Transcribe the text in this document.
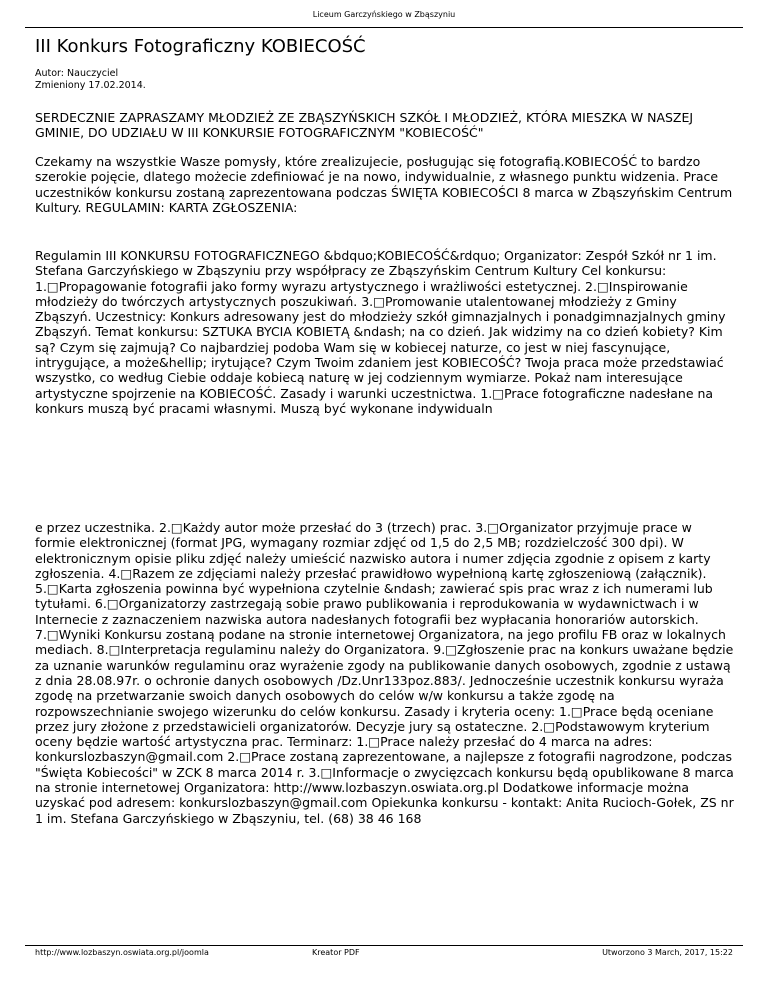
Liceum Garczyńskiego w Zbąszyniu
III Konkurs Fotograficzny KOBIECOŚĆ
Autor: Nauczyciel
Zmieniony 17.02.2014.

SERDECZNIE ZAPRASZAMY MŁODZIEŻ ZE ZBĄSZYŃSKICH SZKÓŁ I MŁODZIEŻ, KTÓRA MIESZKA W NASZEJ GMINIE, DO UDZIAŁU W III KONKURSIE FOTOGRAFICZNYM "KOBIECOŚĆ"

Czekamy na wszystkie Wasze pomysły, które zrealizujecie, posługując się fotografią.KOBIECOŚĆ to bardzo szerokie pojęcie, dlatego możecie zdefiniować je na nowo, indywidualnie, z własnego punktu widzenia. Prace uczestników konkursu zostaną zaprezentowana podczas ŚWIĘTA KOBIECOŚCI 8 marca w Zbąszyńskim Centrum Kultury. REGULAMIN: KARTA ZGŁOSZENIA:

Regulamin III KONKURSU FOTOGRAFICZNEGO &bdquo;KOBIECOŚĆ&rdquo; Organizator: Zespół Szkół nr 1 im. Stefana Garczyńskiego w Zbąszyniu przy współpracy ze Zbąszyńskim Centrum Kultury Cel konkursu: 1.□Propagowanie fotografii jako formy wyrazu artystycznego i wrażliwości estetycznej. 2.□Inspirowanie młodzieży do twórczych artystycznych poszukiwań. 3.□Promowanie utalentowanej młodzieży z Gminy Zbąszyń. Uczestnicy: Konkurs adresowany jest do młodzieży szkół gimnazjalnych i ponadgimnazjalnych gminy Zbąszyń. Temat konkursu: SZTUKA BYCIA KOBIETĄ &ndash; na co dzień. Jak widzimy na co dzień kobiety? Kim są? Czym się zajmują? Co najbardziej podoba Wam się w kobiecej naturze, co jest w niej fascynujące, intrygujące, a może&hellip; irytujące? Czym Twoim zdaniem jest KOBIECOŚĆ? Twoja praca może przedstawiać wszystko, co według Ciebie oddaje kobiecą naturę w jej codziennym wymiarze. Pokaż nam interesujące artystyczne spojrzenie na KOBIECOŚĆ. Zasady i warunki uczestnictwa. 1.□Prace fotograficzne nadesłane na konkurs muszą być pracami własnymi. Muszą być wykonane indywidualn

e przez uczestnika. 2.□Każdy autor może przesłać do 3 (trzech) prac. 3.□Organizator przyjmuje prace w formie elektronicznej (format JPG, wymagany rozmiar zdjęć od 1,5 do 2,5 MB; rozdzielczość 300 dpi). W elektronicznym opisie pliku zdjęć należy umieścić nazwisko autora i numer zdjęcia zgodnie z opisem z karty zgłoszenia. 4.□Razem ze zdjęciami należy przesłać prawidłowo wypełnioną kartę zgłoszeniową (załącznik). 5.□Karta zgłoszenia powinna być wypełniona czytelnie &ndash; zawierać spis prac wraz z ich numerami lub tytułami. 6.□Organizatorzy zastrzegają sobie prawo publikowania i reprodukowania w wydawnictwach i w Internecie z zaznaczeniem nazwiska autora nadesłanych fotografii bez wypłacania honorariów autorskich. 7.□Wyniki Konkursu zostaną podane na stronie internetowej Organizatora, na jego profilu FB oraz w lokalnych mediach. 8.□Interpretacja regulaminu należy do Organizatora. 9.□Zgłoszenie prac na konkurs uważane będzie za uznanie warunków regulaminu oraz wyrażenie zgody na publikowanie danych osobowych, zgodnie z ustawą z dnia 28.08.97r. o ochronie danych osobowych /Dz.Unr133poz.883/. Jednocześnie uczestnik konkursu wyraża zgodę na przetwarzanie swoich danych osobowych do celów w/w konkursu a także zgodę na rozpowszechnianie swojego wizerunku do celów konkursu. Zasady i kryteria oceny: 1.□Prace będą oceniane przez jury złożone z przedstawicieli organizatorów. Decyzje jury są ostateczne. 2.□Podstawowym kryterium oceny będzie wartość artystyczna prac. Terminarz: 1.□Prace należy przesłać do 4 marca na adres: konkurslozbaszyn@gmail.com 2.□Prace zostaną zaprezentowane, a najlepsze z fotografii nagrodzone, podczas "Święta Kobiecości" w ZCK 8 marca 2014 r. 3.□Informacje o zwycięzcach konkursu będą opublikowane 8 marca na stronie internetowej Organizatora: http://www.lozbaszyn.oswiata.org.pl Dodatkowe informacje można uzyskać pod adresem: konkurslozbaszyn@gmail.com Opiekunka konkursu - kontakt: Anita Rucioch-Gołek, ZS nr 1 im. Stefana Garczyńskiego w Zbąszyniu, tel. (68) 38 46 168

http://www.lozbaszyn.oswiata.org.pl/joomla	Kreator PDF	Utworzono 3 March, 2017, 15:22
